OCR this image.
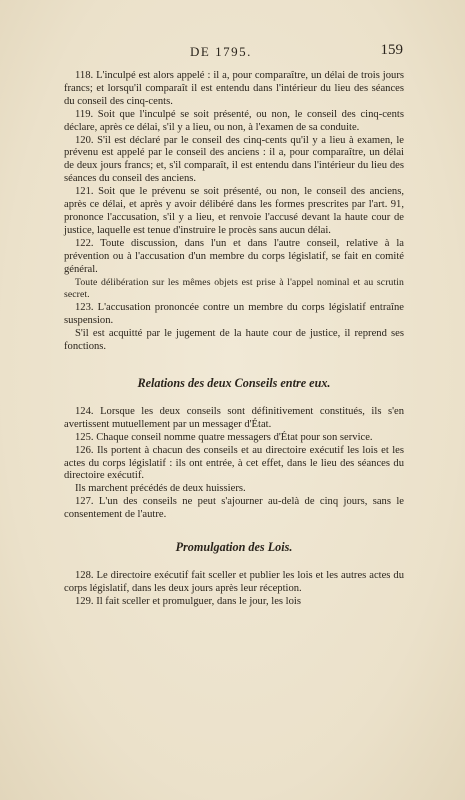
DE 1795.	159

118. L'inculpé est alors appelé : il a, pour comparaître, un délai de trois jours francs; et lorsqu'il comparaît il est entendu dans l'intérieur du lieu des séances du conseil des cinq-cents.

119. Soit que l'inculpé se soit présenté, ou non, le conseil des cinq-cents déclare, après ce délai, s'il y a lieu, ou non, à l'examen de sa conduite.

120. S'il est déclaré par le conseil des cinq-cents qu'il y a lieu à examen, le prévenu est appelé par le conseil des anciens : il a, pour comparaître, un délai de deux jours francs; et, s'il comparaît, il est entendu dans l'intérieur du lieu des séances du conseil des anciens.

121. Soit que le prévenu se soit présenté, ou non, le conseil des anciens, après ce délai, et après y avoir délibéré dans les formes prescrites par l'art. 91, prononce l'accusation, s'il y a lieu, et renvoie l'accusé devant la haute cour de justice, laquelle est tenue d'instruire le procès sans aucun délai.

122. Toute discussion, dans l'un et dans l'autre conseil, relative à la prévention ou à l'accusation d'un membre du corps législatif, se fait en comité général.

Toute délibération sur les mêmes objets est prise à l'appel nominal et au scrutin secret.

123. L'accusation prononcée contre un membre du corps législatif entraîne suspension.

S'il est acquitté par le jugement de la haute cour de justice, il reprend ses fonctions.

Relations des deux Conseils entre eux.

124. Lorsque les deux conseils sont définitivement constitués, ils s'en avertissent mutuellement par un messager d'État.

125. Chaque conseil nomme quatre messagers d'État pour son service.

126. Ils portent à chacun des conseils et au directoire exécutif les lois et les actes du corps législatif : ils ont entrée, à cet effet, dans le lieu des séances du directoire exécutif.

Ils marchent précédés de deux huissiers.

127. L'un des conseils ne peut s'ajourner au-delà de cinq jours, sans le consentement de l'autre.

Promulgation des Lois.

128. Le directoire exécutif fait sceller et publier les lois et les autres actes du corps législatif, dans les deux jours après leur réception.

129. Il fait sceller et promulguer, dans le jour, les lois
